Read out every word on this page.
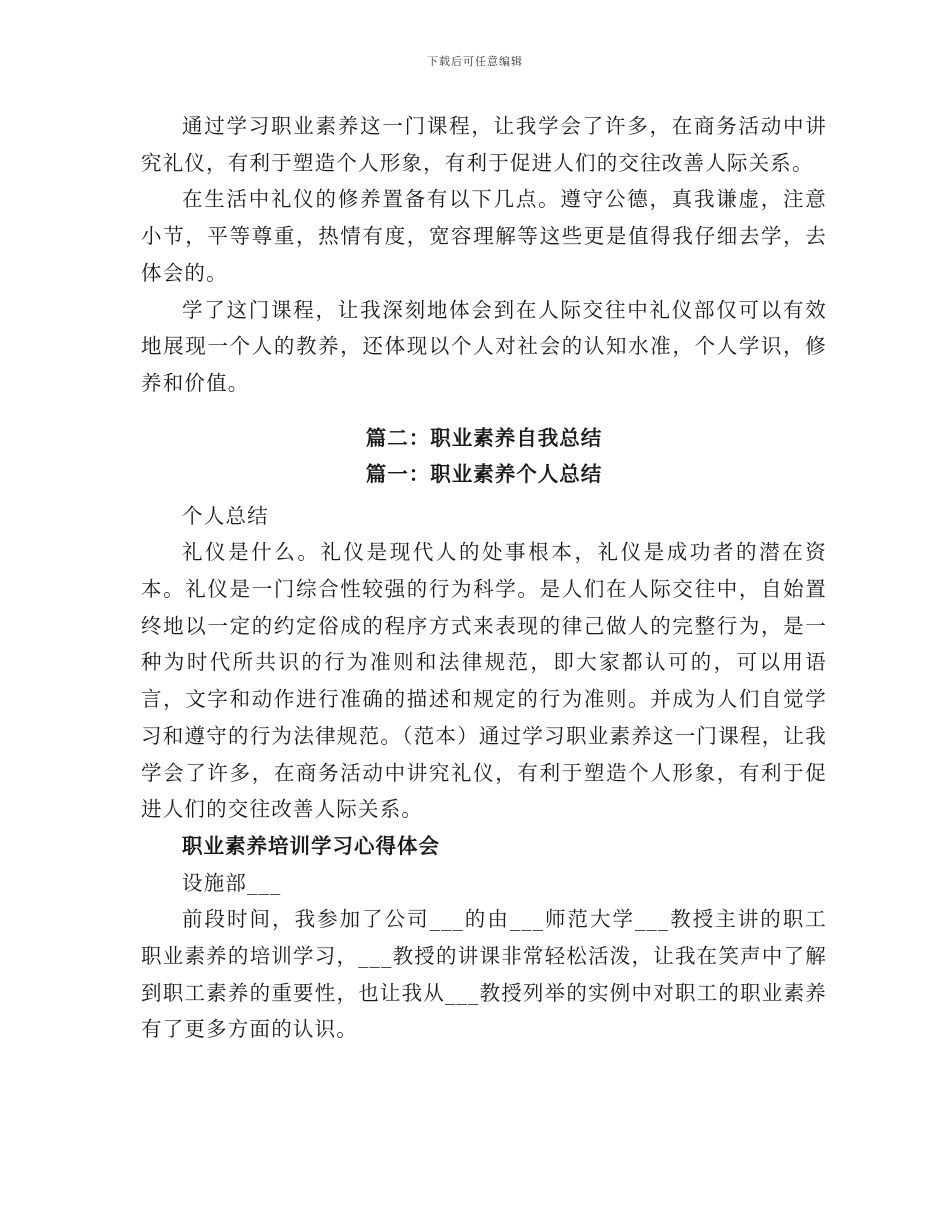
下载后可任意编辑

通过学习职业素养这一门课程，让我学会了许多，在商务活动中讲究礼仪，有利于塑造个人形象，有利于促进人们的交往改善人际关系。

在生活中礼仪的修养置备有以下几点。遵守公德，真我谦虚，注意小节，平等尊重，热情有度，宽容理解等这些更是值得我仔细去学，去体会的。

学了这门课程，让我深刻地体会到在人际交往中礼仪部仅可以有效地展现一个人的教养，还体现以个人对社会的认知水准，个人学识，修养和价值。

篇二：职业素养自我总结
篇一：职业素养个人总结

个人总结

礼仪是什么。礼仪是现代人的处事根本，礼仪是成功者的潜在资本。礼仪是一门综合性较强的行为科学。是人们在人际交往中，自始置终地以一定的约定俗成的程序方式来表现的律己做人的完整行为，是一种为时代所共识的行为准则和法律规范，即大家都认可的，可以用语言，文字和动作进行准确的描述和规定的行为准则。并成为人们自觉学习和遵守的行为法律规范。（范本）通过学习职业素养这一门课程，让我学会了许多，在商务活动中讲究礼仪，有利于塑造个人形象，有利于促进人们的交往改善人际关系。

职业素养培训学习心得体会

设施部___

前段时间，我参加了公司___的由___师范大学___教授主讲的职工职业素养的培训学习，___教授的讲课非常轻松活泼，让我在笑声中了解到职工素养的重要性，也让我从___教授列举的实例中对职工的职业素养有了更多方面的认识。
